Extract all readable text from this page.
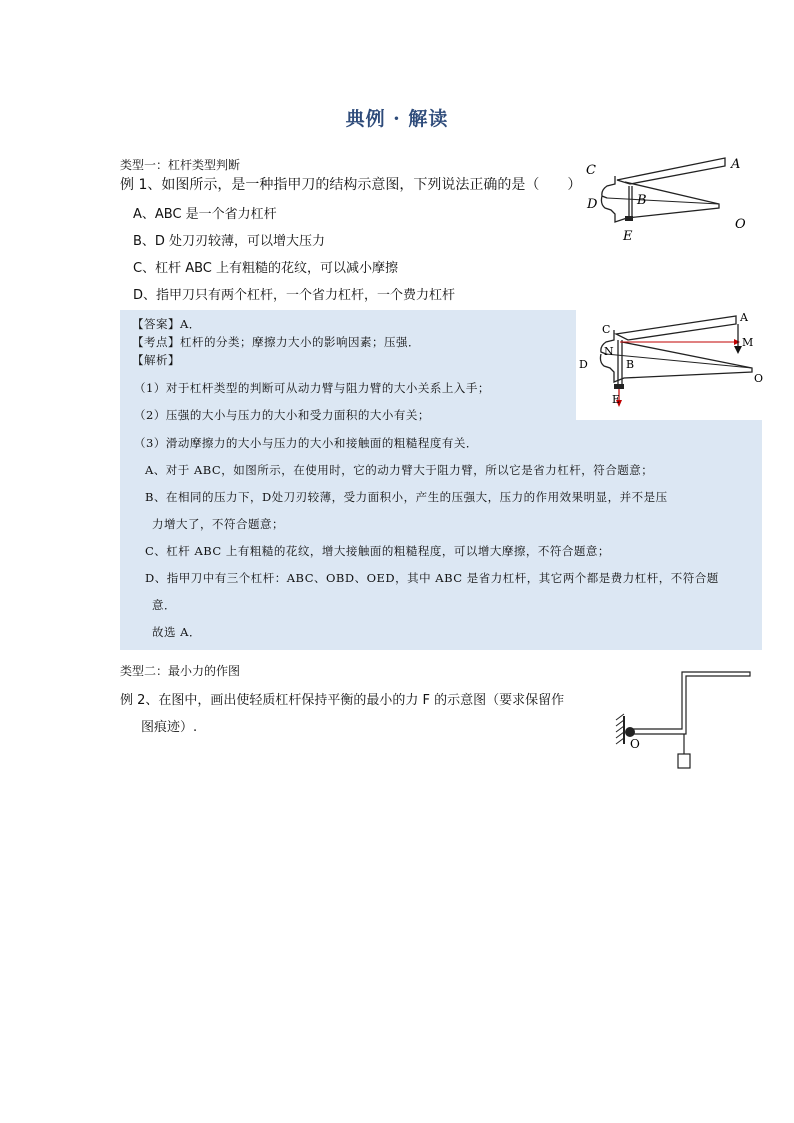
典例 · 解读
类型一：杠杆类型判断
例 1、如图所示，是一种指甲刀的结构示意图，下列说法正确的是（　　）
A、ABC 是一个省力杠杆
B、D 处刀刃较薄，可以增大压力
C、杠杆 ABC 上有粗糙的花纹，可以减小摩擦
D、指甲刀只有两个杠杆，一个省力杠杆，一个费力杠杆
D
C
B
A
O
E
【答案】A．
【考点】杠杆的分类；摩擦力大小的影响因素；压强．
【解析】
（1）对于杠杆类型的判断可从动力臂与阻力臂的大小关系上入手；
（2）压强的大小与压力的大小和受力面积的大小有关；
（3）滑动摩擦力的大小与压力的大小和接触面的粗糙程度有关．
A、对于 ABC，如图所示，在使用时，它的动力臂大于阻力臂，所以它是省力杠杆，符合题意；
B、在相同的压力下，D处刀刃较薄，受力面积小，产生的压强大，压力的作用效果明显，并不是压
力增大了，不符合题意；
C、杠杆 ABC 上有粗糙的花纹，增大接触面的粗糙程度，可以增大摩擦，不符合题意；
D、指甲刀中有三个杠杆：ABC、OBD、OED，其中 ABC 是省力杠杆，其它两个都是费力杠杆，不符合题
意．
故选 A．
D
C
N
B
A
M
O
E
类型二：最小力的作图
例 2、在图中，画出使轻质杠杆保持平衡的最小的力 F 的示意图（要求保留作
图痕迹）.
O
